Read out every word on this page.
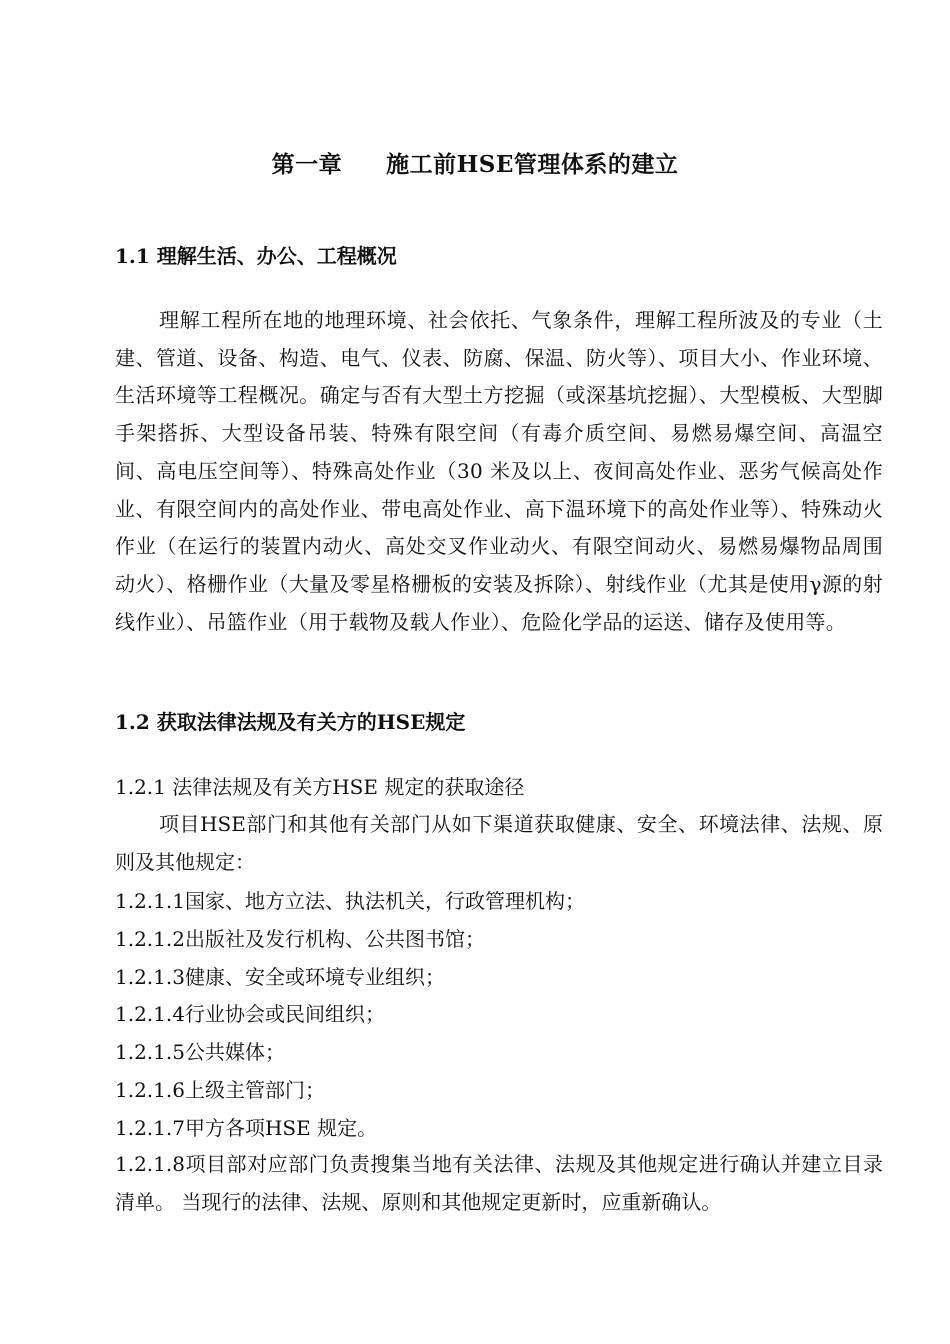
第一章 施工前HSE管理体系的建立
1.1 理解生活、办公、工程概况
理解工程所在地的地理环境、社会依托、气象条件，理解工程所波及的专业（土建、管道、设备、构造、电气、仪表、防腐、保温、防火等）、项目大小、作业环境、生活环境等工程概况。确定与否有大型土方挖掘（或深基坑挖掘）、大型模板、大型脚手架搭拆、大型设备吊装、特殊有限空间（有毒介质空间、易燃易爆空间、高温空间、高电压空间等）、特殊高处作业（30 米及以上、夜间高处作业、恶劣气候高处作业、有限空间内的高处作业、带电高处作业、高下温环境下的高处作业等）、特殊动火作业（在运行的装置内动火、高处交叉作业动火、有限空间动火、易燃易爆物品周围动火）、格栅作业（大量及零星格栅板的安装及拆除）、射线作业（尤其是使用γ源的射线作业）、吊篮作业（用于载物及载人作业）、危险化学品的运送、储存及使用等。
1.2 获取法律法规及有关方的HSE规定
1.2.1 法律法规及有关方HSE 规定的获取途径
项目HSE部门和其他有关部门从如下渠道获取健康、安全、环境法律、法规、原则及其他规定：
1.2.1.1国家、地方立法、执法机关，行政管理机构；
1.2.1.2出版社及发行机构、公共图书馆；
1.2.1.3健康、安全或环境专业组织；
1.2.1.4行业协会或民间组织；
1.2.1.5公共媒体；
1.2.1.6上级主管部门；
1.2.1.7甲方各项HSE 规定。
1.2.1.8项目部对应部门负责搜集当地有关法律、法规及其他规定进行确认并建立目录清单。 当现行的法律、法规、原则和其他规定更新时，应重新确认。
